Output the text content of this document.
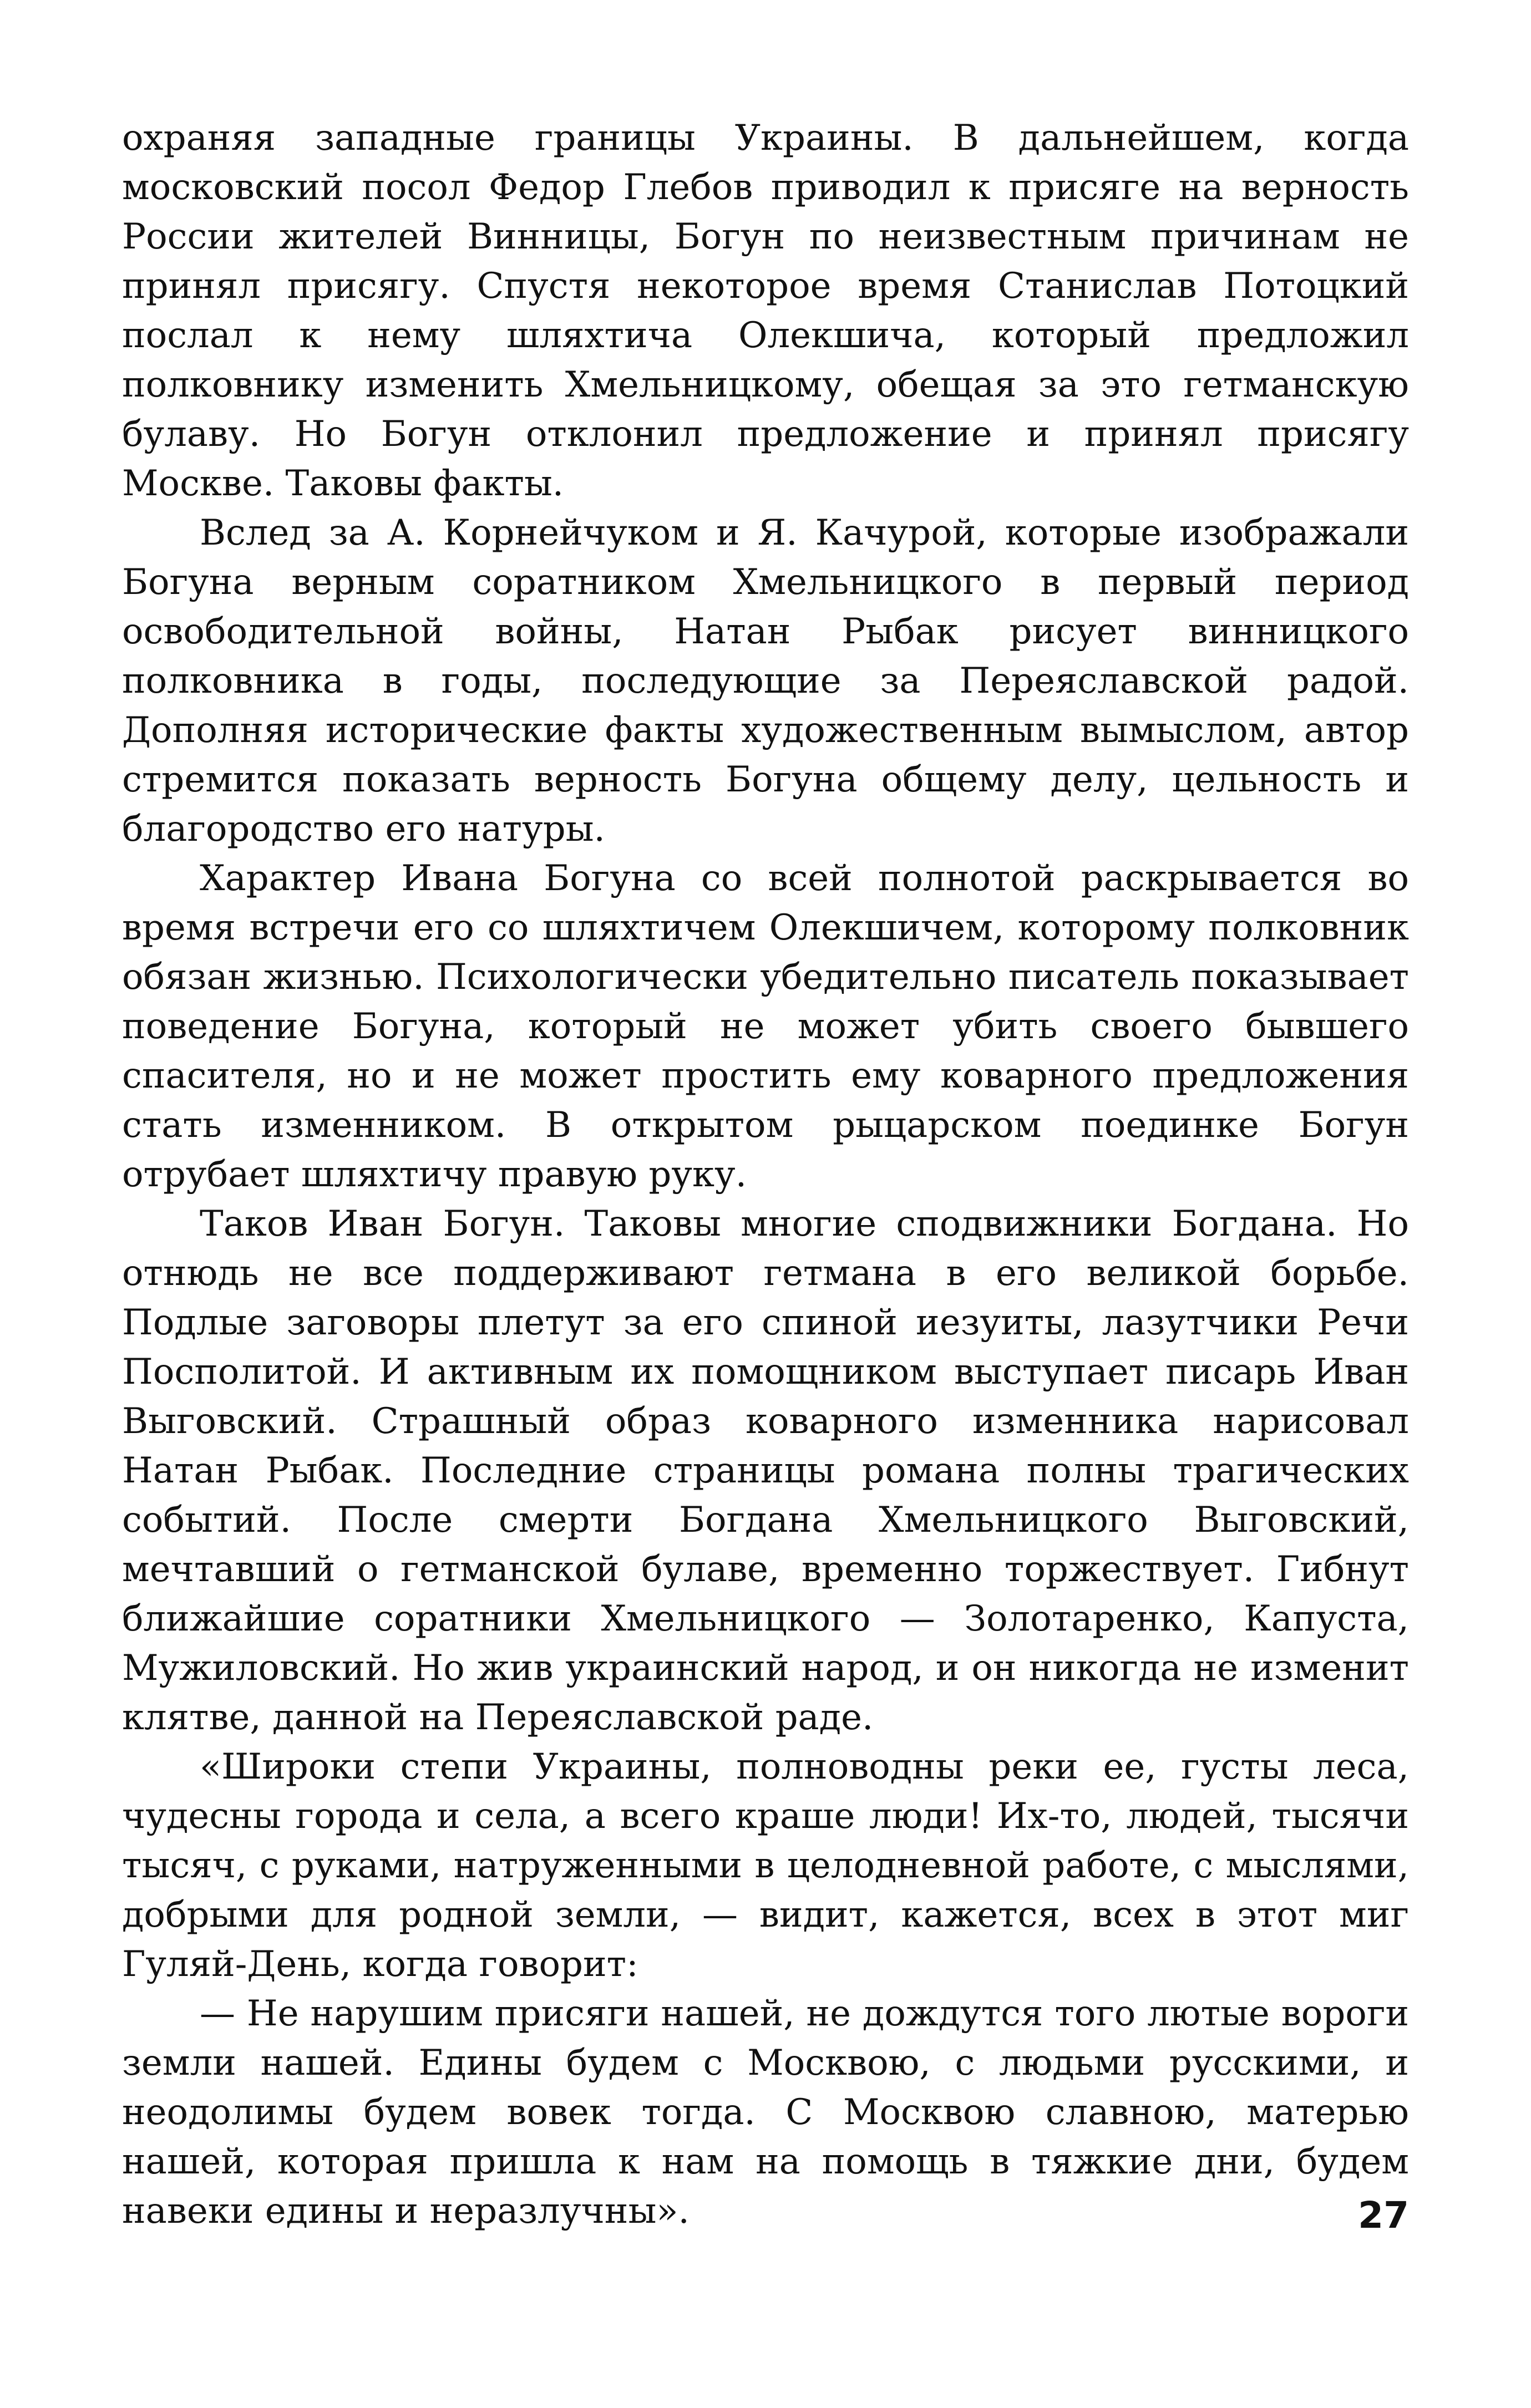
охраняя западные границы Украины. В дальнейшем, когда московский посол Федор Глебов приводил к присяге на верность России жителей Винницы, Богун по неизвестным причинам не принял присягу. Спустя некоторое время Станислав Потоцкий послал к нему шляхтича Олекшича, который предложил полковнику изменить Хмельницкому, обещая за это гетманскую булаву. Но Богун отклонил предложение и принял присягу Москве. Таковы факты.

Вслед за А. Корнейчуком и Я. Качурой, которые изображали Богуна верным соратником Хмельницкого в первый период освободительной войны, Натан Рыбак рисует винницкого полковника в годы, последующие за Переяславской радой. Дополняя исторические факты художественным вымыслом, автор стремится показать верность Богуна общему делу, цельность и благородство его натуры.

Характер Ивана Богуна со всей полнотой раскрывается во время встречи его со шляхтичем Олекшичем, которому полковник обязан жизнью. Психологически убедительно писатель показывает поведение Богуна, который не может убить своего бывшего спасителя, но и не может простить ему коварного предложения стать изменником. В открытом рыцарском поединке Богун отрубает шляхтичу правую руку.

Таков Иван Богун. Таковы многие сподвижники Богдана. Но отнюдь не все поддерживают гетмана в его великой борьбе. Подлые заговоры плетут за его спиной иезуиты, лазутчики Речи Посполитой. И активным их помощником выступает писарь Иван Выговский. Страшный образ коварного изменника нарисовал Натан Рыбак. Последние страницы романа полны трагических событий. После смерти Богдана Хмельницкого Выговский, мечтавший о гетманской булаве, временно торжествует. Гибнут ближайшие соратники Хмельницкого — Золотаренко, Капуста, Мужиловский. Но жив украинский народ, и он никогда не изменит клятве, данной на Переяславской раде.

«Широки степи Украины, полноводны реки ее, густы леса, чудесны города и села, а всего краше люди! Их-то, людей, тысячи тысяч, с руками, натруженными в целодневной работе, с мыслями, добрыми для родной земли, — видит, кажется, всех в этот миг Гуляй-День, когда говорит:

— Не нарушим присяги нашей, не дождутся того лютые вороги земли нашей. Едины будем с Москвою, с людьми русскими, и неодолимы будем вовек тогда. С Москвою славною, матерью нашей, которая пришла к нам на помощь в тяжкие дни, будем навеки едины и неразлучны».	27
